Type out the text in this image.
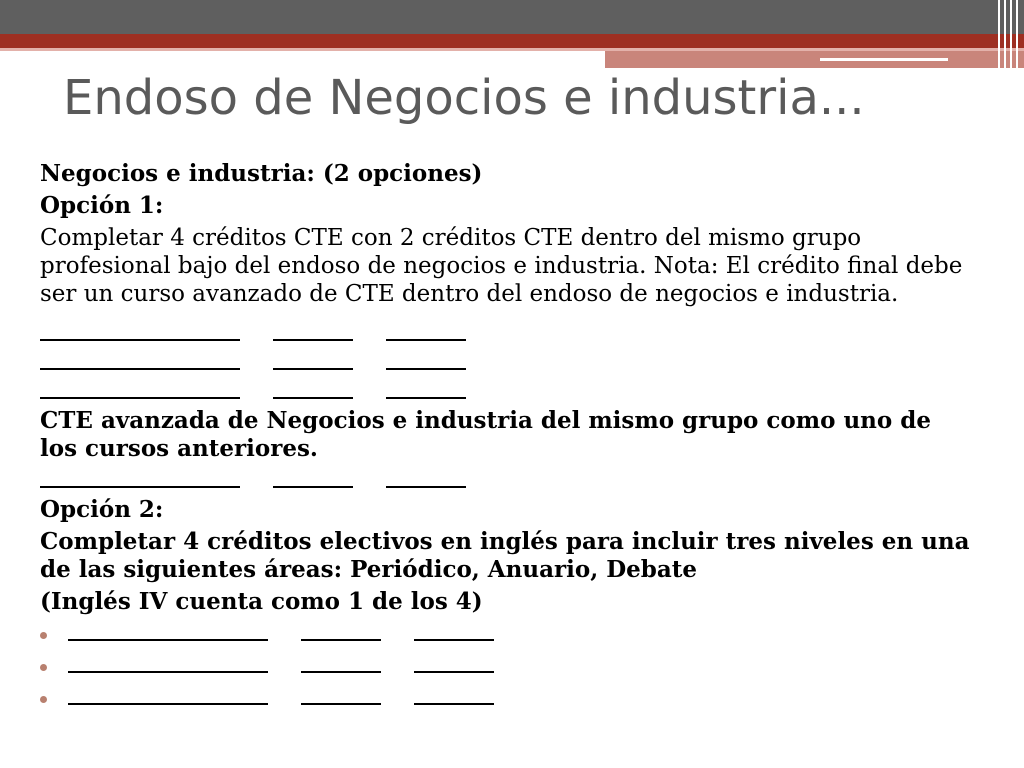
Endoso de Negocios e industria...
Negocios e industria: (2 opciones)
Opción 1:
Completar 4 créditos CTE con 2 créditos CTE dentro del mismo grupo profesional bajo del endoso de negocios e industria. Nota: El crédito final debe ser un curso avanzado de CTE dentro del endoso de negocios e industria.
CTE avanzada de Negocios e industria del mismo grupo como uno de los cursos anteriores.
Opción 2:
Completar 4 créditos electivos en inglés para incluir tres niveles en una de las siguientes áreas: Periódico, Anuario, Debate
(Inglés IV cuenta como 1 de los 4)
